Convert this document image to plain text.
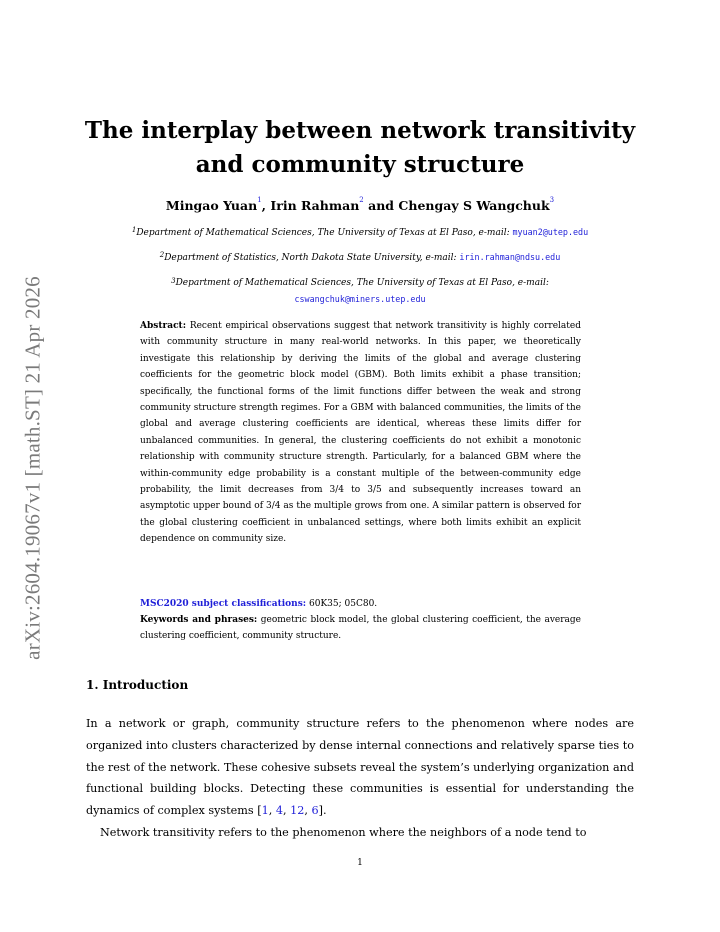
arXiv:2604.19067v1 [math.ST] 21 Apr 2026
The interplay between network transitivity
and community structure
Mingao Yuan$^1$, Irin Rahman$^2$ and Chengay S Wangchuk$^3$
$^1$Department of Mathematical Sciences, The University of Texas at El Paso, e-mail: myuan2@utep.edu
$^2$Department of Statistics, North Dakota State University, e-mail: irin.rahman@ndsu.edu
$^3$Department of Mathematical Sciences, The University of Texas at El Paso, e-mail:
cswangchuk@miners.utep.edu

Abstract: Recent empirical observations suggest that network transitivity is highly correlated with community structure in many real-world networks. In this paper, we theoretically investigate this relationship by deriving the limits of the global and average clustering coefficients for the geometric block model (GBM). Both limits exhibit a phase transition; specifically, the functional forms of the limit functions differ between the weak and strong community structure strength regimes. For a GBM with balanced communities, the limits of the global and average clustering coefficients are identical, whereas these limits differ for unbalanced communities. In general, the clustering coefficients do not exhibit a monotonic relationship with community structure strength. Particularly, for a balanced GBM where the within-community edge probability is a constant multiple of the between-community edge probability, the limit decreases from 3/4 to 3/5 and subsequently increases toward an asymptotic upper bound of 3/4 as the multiple grows from one. A similar pattern is observed for the global clustering coefficient in unbalanced settings, where both limits exhibit an explicit dependence on community size.

MSC2020 subject classifications: 60K35; 05C80.
Keywords and phrases: geometric block model, the global clustering coefficient, the average clustering coefficient, community structure.
1. Introduction

In a network or graph, community structure refers to the phenomenon where nodes are organized into clusters characterized by dense internal connections and relatively sparse ties to the rest of the network. These cohesive subsets reveal the system’s underlying organization and functional building blocks. Detecting these communities is essential for understanding the dynamics of complex systems [1, 4, 12, 6].

Network transitivity refers to the phenomenon where the neighbors of a node tend to

1
